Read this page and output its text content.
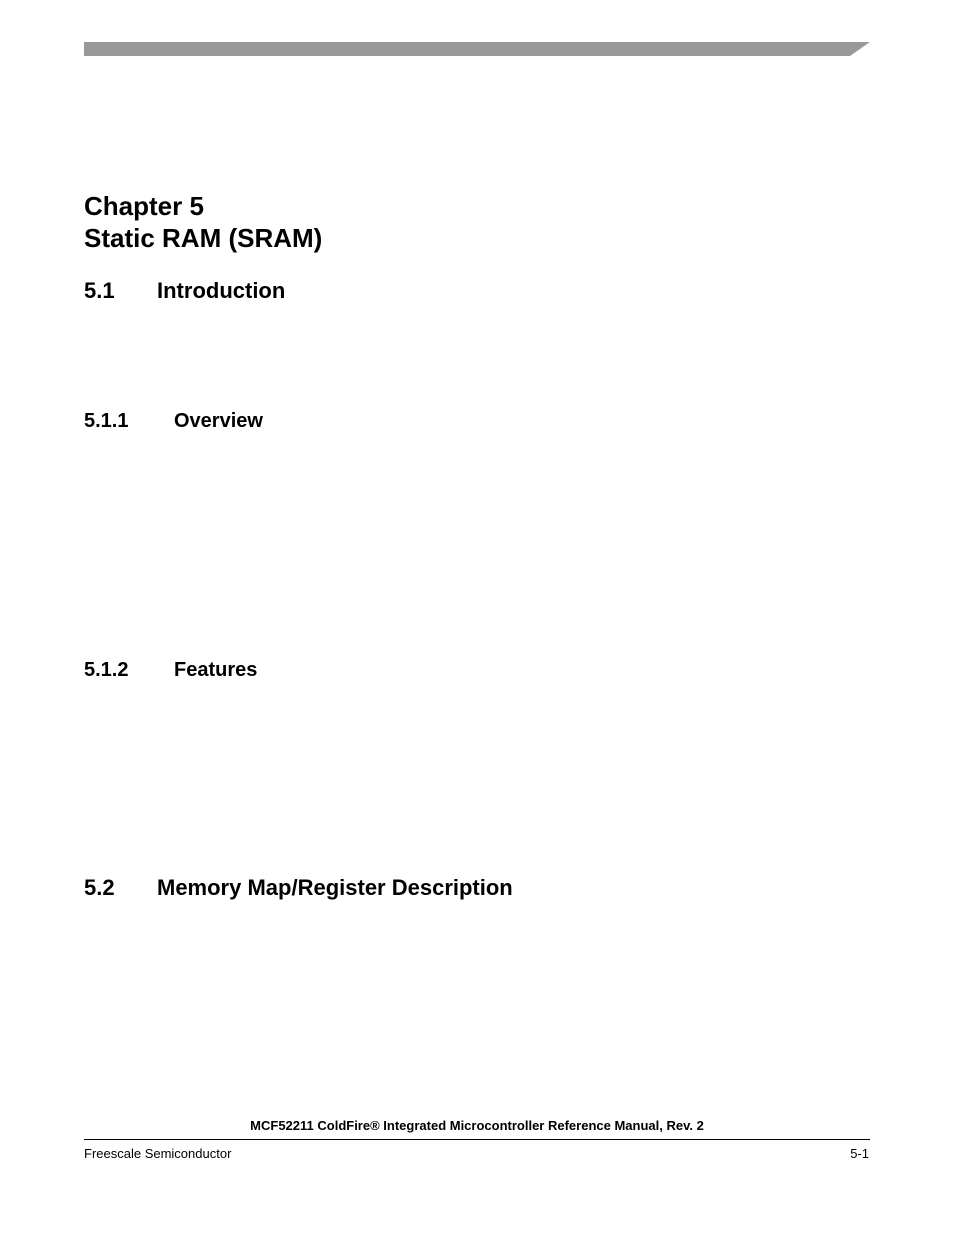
Chapter 5
Static RAM (SRAM)
5.1 Introduction
5.1.1 Overview
5.1.2 Features
5.2 Memory Map/Register Description
MCF52211 ColdFire® Integrated Microcontroller Reference Manual, Rev. 2
Freescale Semiconductor	5-1
